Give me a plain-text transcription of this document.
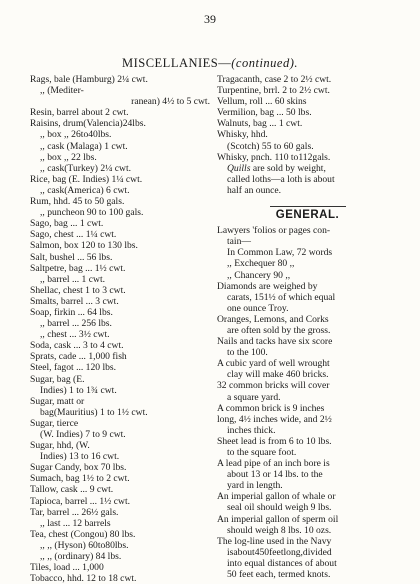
39
MISCELLANIES—(continued).
Rags, bale (Hamburg) 2¼ cwt.
,, (Mediter-
ranean) 4½ to 5 cwt.
Resin, barrel about 2 cwt.
Raisins, drum(Valencia)24lbs.
,, box ,, 26to40lbs.
,, cask (Malaga) 1 cwt.
,, box ,, 22 lbs.
,, cask(Turkey) 2¼ cwt.
Rice, bag (E. Indies) 1¼ cwt.
,, cask(America) 6 cwt.
Rum, hhd. 45 to 50 gals.
,, puncheon 90 to 100 gals.
Sago, bag ... 1 cwt.
Sago, chest ... 1¼ cwt.
Salmon, box 120 to 130 lbs.
Salt, bushel ... 56 lbs.
Saltpetre, bag ... 1½ cwt.
,, barrel ... 1 cwt.
Shellac, chest 1 to 3 cwt.
Smalts, barrel ... 3 cwt.
Soap, firkin ... 64 lbs.
,, barrel ... 256 lbs.
,, chest ... 3½ cwt.
Soda, cask ... 3 to 4 cwt.
Sprats, cade ... 1,000 fish
Steel, fagot ... 120 lbs.
Sugar, bag (E.
Indies) 1 to 1¾ cwt.
Sugar, matt or
bag(Mauritius) 1 to 1½ cwt.
Sugar, tierce
(W. Indies) 7 to 9 cwt.
Sugar, hhd, (W.
Indies) 13 to 16 cwt.
Sugar Candy, box 70 lbs.
Sumach, bag 1½ to 2 cwt.
Tallow, cask ... 9 cwt.
Tapioca, barrel ... 1½ cwt.
Tar, barrel ... 26½ gals.
,, last ... 12 barrels
Tea, chest (Congou) 80 lbs.
,, ,, (Hyson) 60to80lbs.
,, ,, (ordinary) 84 lbs.
Tiles, load ... 1,000
Tobacco, hhd. 12 to 18 cwt.
Tragacanth, case 2 to 2½ cwt.
Turpentine, brrl. 2 to 2½ cwt.
Vellum, roll ... 60 skins
Vermilion, bag ... 50 lbs.
Walnuts, bag ... 1 cwt.
Whisky, hhd.
(Scotch) 55 to 60 gals.
Whisky, pnch. 110 to112gals.
Quills are sold by weight,
called loths—a loth is about
half an ounce.
GENERAL.
Lawyers 'folios or pages con-
tain—
In Common Law, 72 words
,, Exchequer 80 ,,
,, Chancery 90 ,,
Diamonds are weighed by
carats, 151½ of which equal
one ounce Troy.
Oranges, Lemons, and Corks
are often sold by the gross.
Nails and tacks have six score
to the 100.
A cubic yard of well wrought
clay will make 460 bricks.
32 common bricks will cover
a square yard.
A common brick is 9 inches
long, 4½ inches wide, and 2½
inches thick.
Sheet lead is from 6 to 10 lbs.
to the square foot.
A lead pipe of an inch bore is
about 13 or 14 lbs. to the
yard in length.
An imperial gallon of whale or
seal oil should weigh 9 lbs.
An imperial gallon of sperm oil
should weigh 8 lbs. 10 ozs.
The log-line used in the Navy
isabout450feetlong,divided
into equal distances of about
50 feet each, termed knots.
